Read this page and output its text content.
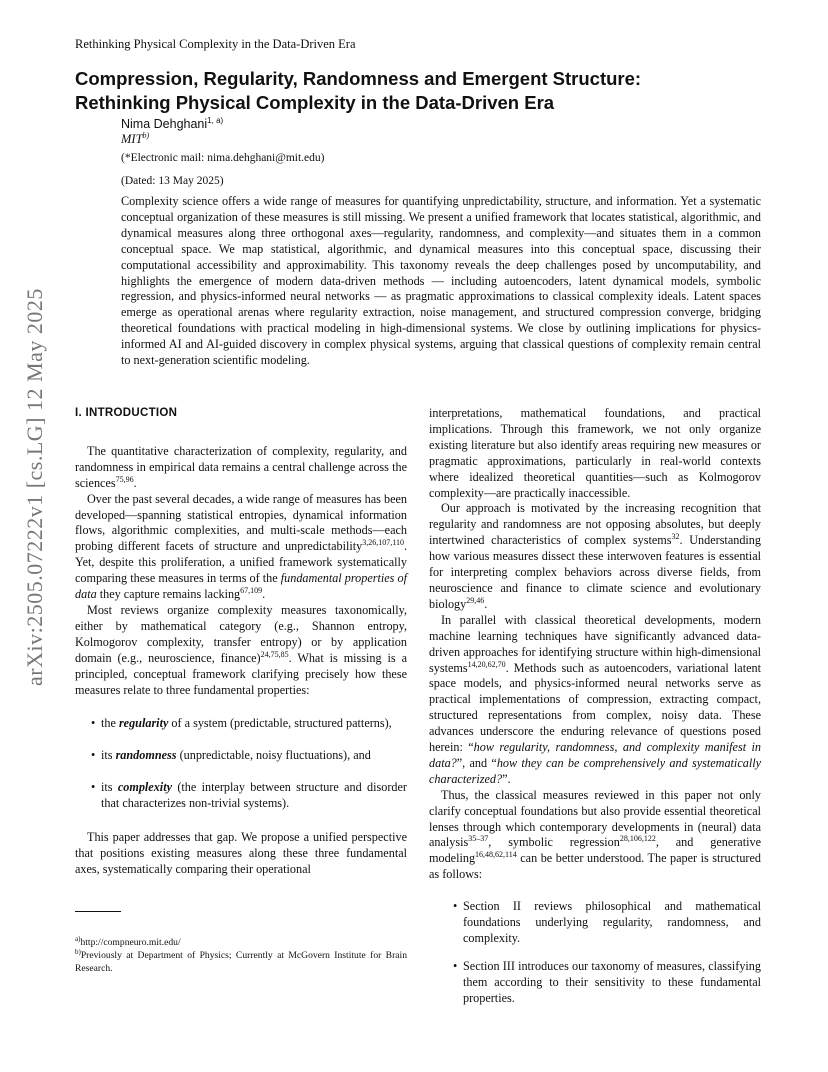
Rethinking Physical Complexity in the Data-Driven Era
arXiv:2505.07222v1 [cs.LG] 12 May 2025
Compression, Regularity, Randomness and Emergent Structure:
Rethinking Physical Complexity in the Data-Driven Era
Nima Dehghani$^{1, a)}$
MIT$^{b)}$
(*Electronic mail: nima.dehghani@mit.edu)
(Dated: 13 May 2025)

Complexity science offers a wide range of measures for quantifying unpredictability, structure, and information. Yet a systematic conceptual organization of these measures is still missing. We present a unified framework that locates statistical, algorithmic, and dynamical measures along three orthogonal axes—regularity, randomness, and complexity—and situates them in a common conceptual space. We map statistical, algorithmic, and dynamical measures into this conceptual space, discussing their computational accessibility and approximability. This taxonomy reveals the deep challenges posed by uncomputability, and highlights the emergence of modern data-driven methods — including autoencoders, latent dynamical models, symbolic regression, and physics-informed neural networks — as pragmatic approximations to classical complexity ideals. Latent spaces emerge as operational arenas where regularity extraction, noise management, and structured compression converge, bridging theoretical foundations with practical modeling in high-dimensional systems. We close by outlining implications for physics-informed AI and AI-guided discovery in complex physical systems, arguing that classical questions of complexity remain central to next-generation scientific modeling.

I. INTRODUCTION

The quantitative characterization of complexity, regularity, and randomness in empirical data remains a central challenge across the sciences$^{75,96}$.

Over the past several decades, a wide range of measures has been developed—spanning statistical entropies, dynamical information flows, algorithmic complexities, and multi-scale methods—each probing different facets of structure and unpredictability$^{3,26,107,110}$. Yet, despite this proliferation, a unified framework systematically comparing these measures in terms of the fundamental properties of data they capture remains lacking$^{67,109}$.

Most reviews organize complexity measures taxonomically, either by mathematical category (e.g., Shannon entropy, Kolmogorov complexity, transfer entropy) or by application domain (e.g., neuroscience, finance)$^{24,75,85}$. What is missing is a principled, conceptual framework clarifying precisely how these measures relate to three fundamental properties:

• the regularity of a system (predictable, structured patterns),
• its randomness (unpredictable, noisy fluctuations), and
• its complexity (the interplay between structure and disorder that characterizes non-trivial systems).

This paper addresses that gap. We propose a unified perspective that positions existing measures along these three fundamental axes, systematically comparing their operational

interpretations, mathematical foundations, and practical implications. Through this framework, we not only organize existing literature but also identify areas requiring new measures or pragmatic approximations, particularly in real-world contexts where idealized theoretical quantities—such as Kolmogorov complexity—are practically inaccessible.

Our approach is motivated by the increasing recognition that regularity and randomness are not opposing absolutes, but deeply intertwined characteristics of complex systems$^{32}$. Understanding how various measures dissect these interwoven features is essential for interpreting complex behaviors across diverse fields, from neuroscience and finance to climate science and evolutionary biology$^{29,46}$.

In parallel with classical theoretical developments, modern machine learning techniques have significantly advanced data-driven approaches for identifying structure within high-dimensional systems$^{14,20,62,70}$. Methods such as autoencoders, variational latent space models, and physics-informed neural networks serve as practical implementations of compression, extracting compact, structured representations from complex, noisy data. These advances underscore the enduring relevance of questions posed herein: “how regularity, randomness, and complexity manifest in data?”, and “how they can be comprehensively and systematically characterized?”.

Thus, the classical measures reviewed in this paper not only clarify conceptual foundations but also provide essential theoretical lenses through which contemporary developments in (neural) data analysis$^{35-37}$, symbolic regression$^{28,106,122}$, and generative modeling$^{16,48,62,114}$ can be better understood. The paper is structured as follows:

• Section II reviews philosophical and mathematical foundations underlying regularity, randomness, and complexity.
• Section III introduces our taxonomy of measures, classifying them according to their sensitivity to these fundamental properties.
$^{a)}$http://compneuro.mit.edu/
$^{b)}$Previously at Department of Physics; Currently at McGovern Institute for Brain Research.
